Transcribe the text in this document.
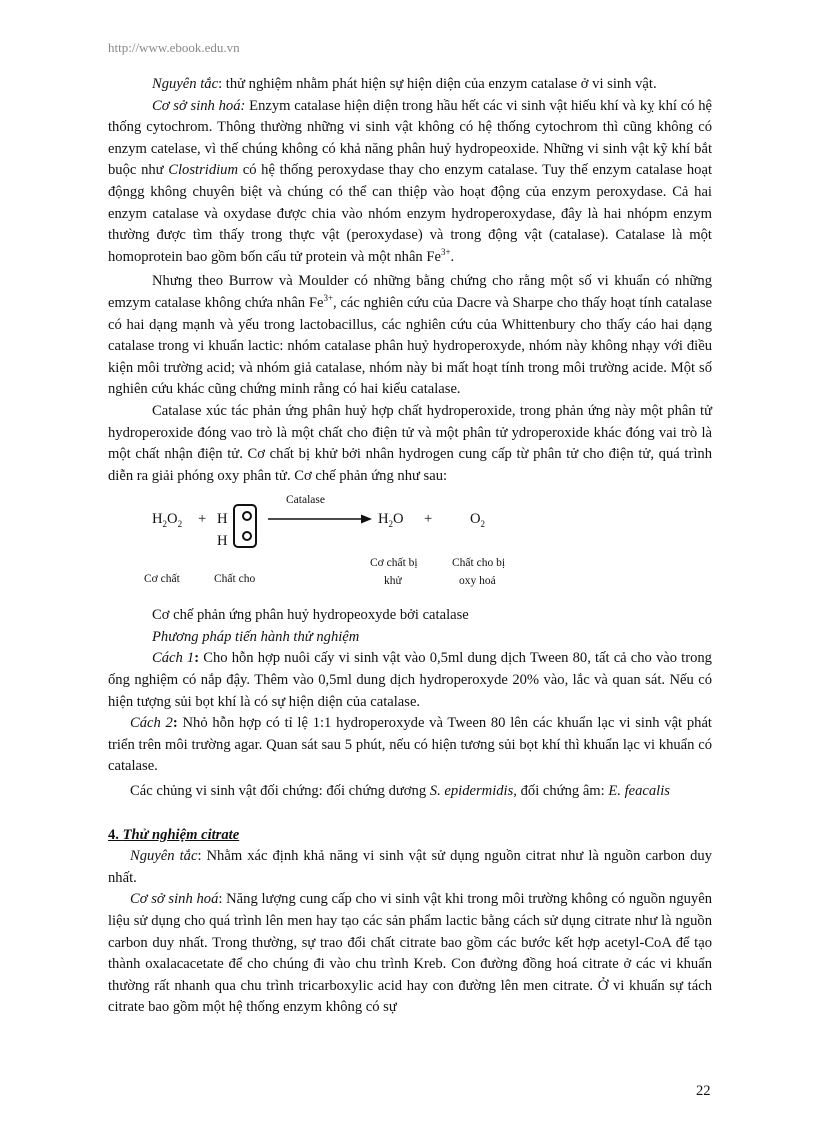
http://www.ebook.edu.vn

Nguyên tắc: thử nghiệm nhằm phát hiện sự hiện diện của enzym catalase ở vi sinh vật.

Cơ sở sinh hoá: Enzym catalase hiện diện trong hầu hết các vi sinh vật hiếu khí và kỵ khí có hệ thống cytochrom. Thông thường những vi sinh vật không có hệ thống cytochrom thì cũng không có enzym catelase, vì thế chúng không có khả năng phân huỷ hydropeoxide. Những vi sinh vật kỹ khí bắt buộc như Clostridium có hệ thống peroxydase thay cho enzym catalase. Tuy thế enzym catalase hoạt độngg không chuyên biệt và chúng có thể can thiệp vào hoạt động của enzym peroxydase. Cả hai enzym catalase và oxydase được chia vào nhóm enzym hydroperoxydase, đây là hai nhópm enzym thường được tìm thấy trong thực vật (peroxydase) và trong động vật (catalase). Catalase là một homoprotein bao gồm bốn cấu tử protein và một nhân $Fe^{3+}$.

Nhưng theo Burrow và Moulder có những bằng chứng cho rằng một số vi khuẩn có những emzym catalase không chứa nhân $Fe^{3+}$, các nghiên cứu của Dacre và Sharpe cho thấy hoạt tính catalase có hai dạng mạnh và yếu trong lactobacillus, các nghiên cứu của Whittenbury cho thấy cáo hai dạng catalase trong vi khuẩn lactic: nhóm catalase phân huỷ hydroperoxyde, nhóm này không nhạy với điều kiện môi trường acid; và nhóm giả catalase, nhóm này bi mất hoạt tính trong môi trường acide. Một số nghiên cứu khác cũng chứng minh rằng có hai kiểu catalase.

Catalase xúc tác phản ứng phân huỷ hợp chất hydroperoxide, trong phản ứng này một phân tử hydroperoxide đóng vao trò là một chất cho điện tử và một phân tử ydroperoxide khác đóng vai trò là một chất nhận điện tử. Cơ chất bị khử bởi nhân hydrogen cung cấp từ phân tử cho điện tử, quá trình diễn ra giải phóng oxy phân tử. Cơ chế phản ứng như sau:

Catalase
$H_2O_2 + H$
H
$H_2O$ +	$O_2$
Cơ chất	Chất cho
Cơ chất bị
khử
Chất cho bị
oxy hoá

Cơ chế phản ứng phân huỷ hydropeoxyde bởi catalase

Phương pháp tiến hành thử nghiệm

Cách 1: Cho hỗn hợp nuôi cấy vi sinh vật vào 0,5ml dung dịch Tween 80, tất cả cho vào trong ống nghiệm có nắp đậy. Thêm vào 0,5ml dung dịch hydroperoxyde 20% vào, lắc và quan sát. Nếu có hiện tượng sủi bọt khí là có sự hiện diện của catalase.

Cách 2: Nhỏ hỗn hợp có tỉ lệ 1:1 hydroperoxyde và Tween 80 lên các khuẩn lạc vi sinh vật phát triển trên môi trường agar. Quan sát sau 5 phút, nếu có hiện tương sủi bọt khí thì khuẩn lạc vi khuẩn có catalase.

Các chủng vi sinh vật đối chứng: đối chứng dương S. epidermidis, đối chứng âm: E. feacalis

4. Thử nghiệm citrate

Nguyên tắc: Nhằm xác định khả năng vi sinh vật sử dụng nguồn citrat như là nguồn carbon duy nhất.

Cơ sở sinh hoá: Năng lượng cung cấp cho vi sinh vật khi trong môi trường không có nguồn nguyên liệu sử dụng cho quá trình lên men hay tạo các sản phẩm lactic bằng cách sử dụng citrate như là nguồn carbon duy nhất. Trong thường, sự trao đổi chất citrate bao gồm các bước kết hợp acetyl-CoA để tạo thành oxalacacetate để cho chúng đi vào chu trình Kreb. Con đường đồng hoá citrate ở các vi khuẩn thường rất nhanh qua chu trình tricarboxylic acid hay con đường lên men citrate. Ở vi khuẩn sự tách citrate bao gồm một hệ thống enzym không có sự

22
